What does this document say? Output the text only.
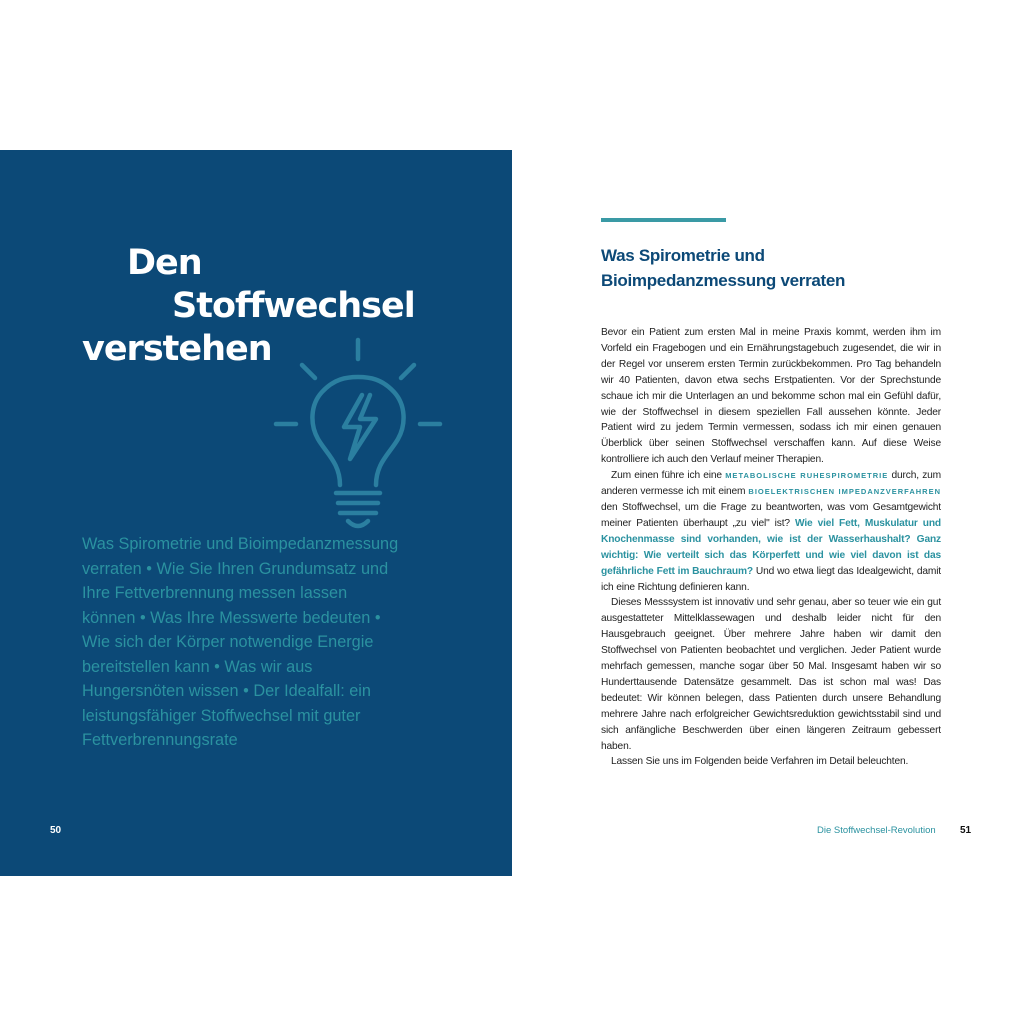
Den
Stoffwechsel
verstehen
Was Spirometrie und Bioimpedanzmessung verraten • Wie Sie Ihren Grundumsatz und Ihre Fettverbrennung messen lassen können • Was Ihre Messwerte bedeuten • Wie sich der Körper notwendige Energie bereitstellen kann • Was wir aus Hungersnöten wissen • Der Idealfall: ein leistungsfähiger Stoffwechsel mit guter Fettverbrennungsrate
50
Was Spirometrie und
Bioimpedanzmessung verraten

Bevor ein Patient zum ersten Mal in meine Praxis kommt, werden ihm im Vorfeld ein Fragebogen und ein Ernährungstagebuch zugesendet, die wir in der Regel vor unserem ersten Termin zurückbekommen. Pro Tag behandeln wir 40 Patienten, davon etwa sechs Erstpatienten. Vor der Sprechstunde schaue ich mir die Unterlagen an und bekomme schon mal ein Gefühl dafür, wie der Stoffwechsel in diesem speziellen Fall aussehen könnte. Jeder Patient wird zu jedem Termin vermessen, sodass ich mir einen genauen Überblick über seinen Stoffwechsel verschaffen kann. Auf diese Weise kontrolliere ich auch den Verlauf meiner Therapien.

Zum einen führe ich eine METABOLISCHE RUHESPIROMETRIE durch, zum anderen vermesse ich mit einem BIOELEKTRISCHEN IMPEDANZVERFAHREN den Stoffwechsel, um die Frage zu beantworten, was vom Gesamtgewicht meiner Patienten überhaupt „zu viel" ist? Wie viel Fett, Muskulatur und Knochenmasse sind vorhanden, wie ist der Wasserhaushalt? Ganz wichtig: Wie verteilt sich das Körperfett und wie viel davon ist das gefährliche Fett im Bauchraum? Und wo etwa liegt das Idealgewicht, damit ich eine Richtung definieren kann.

Dieses Messsystem ist innovativ und sehr genau, aber so teuer wie ein gut ausgestatteter Mittelklassewagen und deshalb leider nicht für den Hausgebrauch geeignet. Über mehrere Jahre haben wir damit den Stoffwechsel von Patienten beobachtet und verglichen. Jeder Patient wurde mehrfach gemessen, manche sogar über 50 Mal. Insgesamt haben wir so Hunderttausende Datensätze gesammelt. Das ist schon mal was! Das bedeutet: Wir können belegen, dass Patienten durch unsere Behandlung mehrere Jahre nach erfolgreicher Gewichtsreduktion gewichtsstabil sind und sich anfängliche Beschwerden über einen längeren Zeitraum gebessert haben.

Lassen Sie uns im Folgenden beide Verfahren im Detail beleuchten.

Die Stoffwechsel-Revolution 51
